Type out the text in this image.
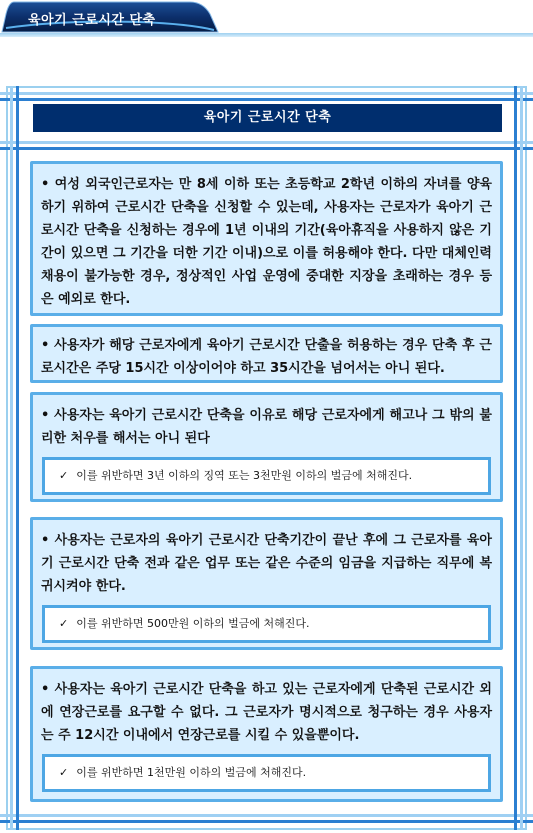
육아기 근로시간 단축
육아기 근로시간 단축
• 여성 외국인근로자는 만 8세 이하 또는 초등학교 2학년 이하의 자녀를 양육하기 위하여 근로시간 단축을 신청할 수 있는데, 사용자는 근로자가 육아기 근로시간 단축을 신청하는 경우에 1년 이내의 기간(육아휴직을 사용하지 않은 기간이 있으면 그 기간을 더한 기간 이내)으로 이를 허용해야 한다. 다만 대체인력 채용이 불가능한 경우, 정상적인 사업 운영에 중대한 지장을 초래하는 경우 등은 예외로 한다.
• 사용자가 해당 근로자에게 육아기 근로시간 단출을 허용하는 경우 단축 후 근로시간은 주당 15시간 이상이어야 하고 35시간을 넘어서는 아니 된다.
• 사용자는 육아기 근로시간 단축을 이유로 해당 근로자에게 해고나 그 밖의 불리한 처우를 해서는 아니 된다
✓ 이를 위반하면 3년 이하의 징역 또는 3천만원 이하의 벌금에 처해진다.
• 사용자는 근로자의 육아기 근로시간 단축기간이 끝난 후에 그 근로자를 육아기 근로시간 단축 전과 같은 업무 또는 같은 수준의 임금을 지급하는 직무에 복귀시켜야 한다.
✓ 이를 위반하면 500만원 이하의 벌금에 처해진다.
• 사용자는 육아기 근로시간 단축을 하고 있는 근로자에게 단축된 근로시간 외에 연장근로를 요구할 수 없다. 그 근로자가 명시적으로 청구하는 경우 사용자는 주 12시간 이내에서 연장근로를 시킬 수 있을뿐이다.
✓ 이를 위반하면 1천만원 이하의 벌금에 처해진다.
